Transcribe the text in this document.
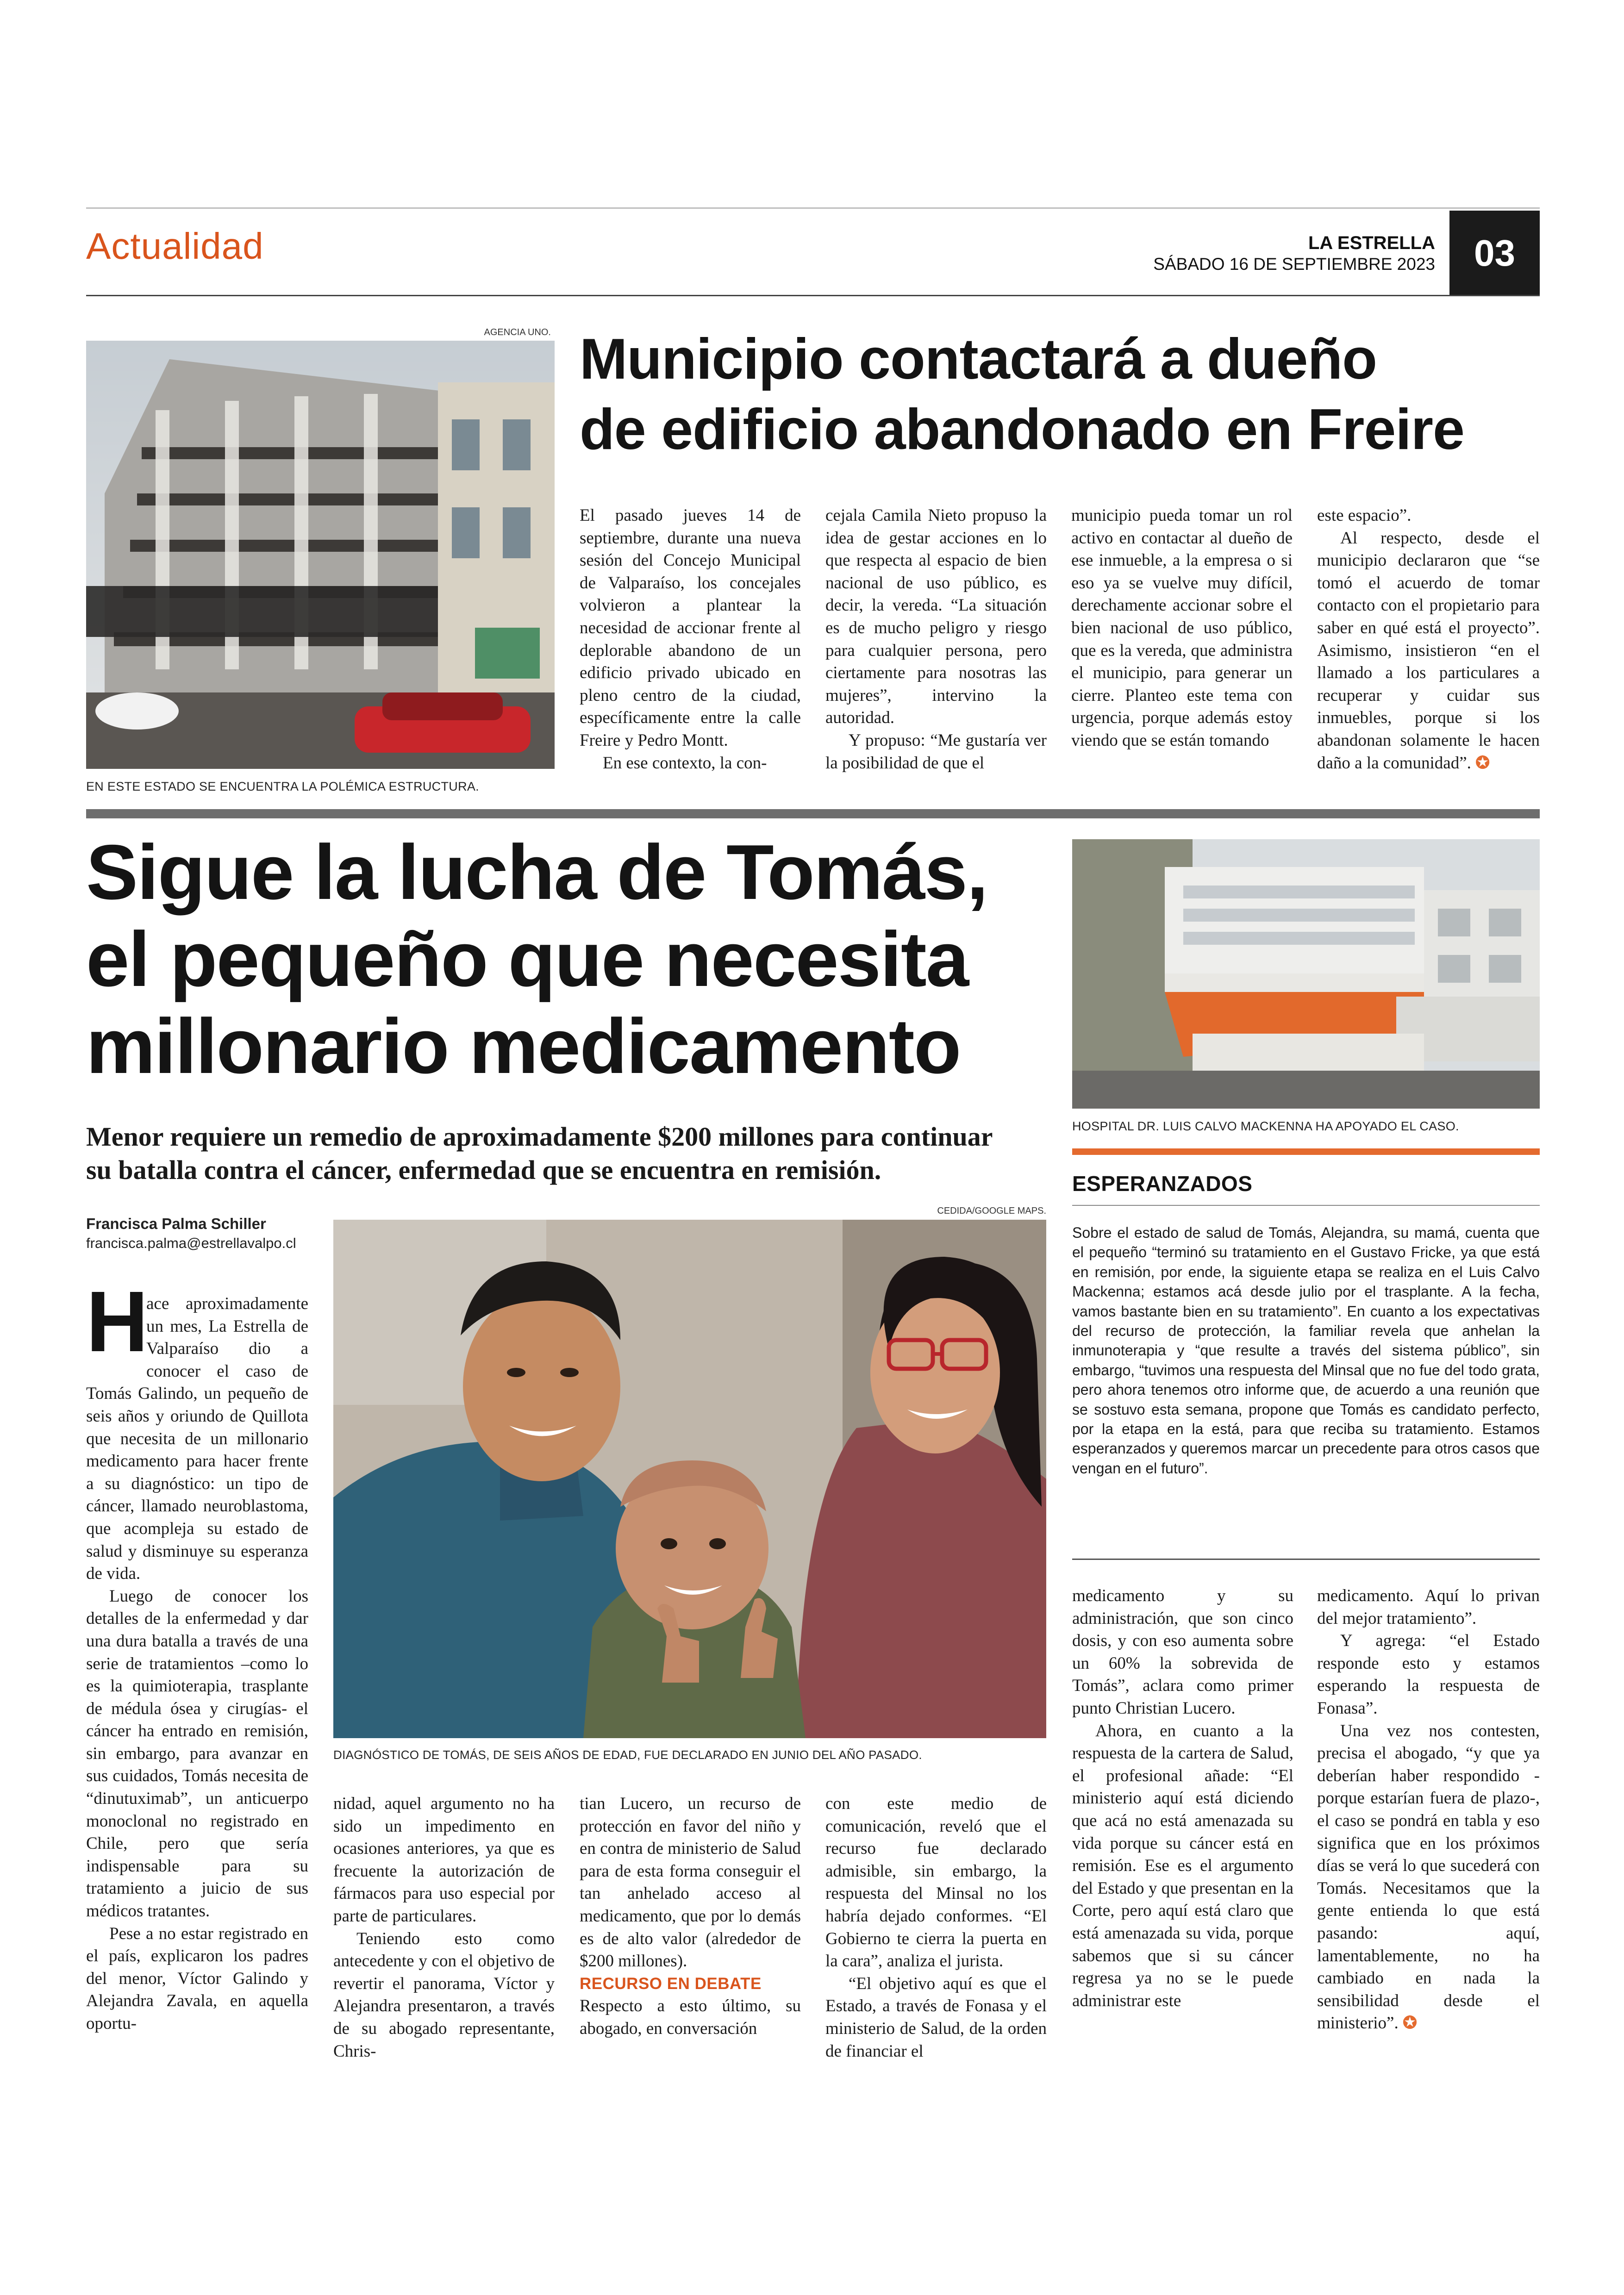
Actualidad	LA ESTRELLA
SÁBADO 16 DE SEPTIEMBRE 2023	03
AGENCIA UNO.
EN ESTE ESTADO SE ENCUENTRA LA POLÉMICA ESTRUCTURA.
Municipio contactará a dueño
de edificio abandonado en Freire

El pasado jueves 14 de septiembre, durante una nueva sesión del Concejo Municipal de Valparaíso, los concejales volvieron a plantear la necesidad de accionar frente al deplorable abandono de un edificio privado ubicado en pleno centro de la ciudad, específicamente entre la calle Freire y Pedro Montt.

En ese contexto, la con-

cejala Camila Nieto propuso la idea de gestar acciones en lo que respecta al espacio de bien nacional de uso público, es decir, la vereda. “La situación es de mucho peligro y riesgo para cualquier persona, pero ciertamente para nosotras las mujeres”, intervino la autoridad.

Y propuso: “Me gustaría ver la posibilidad de que el

municipio pueda tomar un rol activo en contactar al dueño de ese inmueble, a la empresa o si eso ya se vuelve muy difícil, derechamente accionar sobre el bien nacional de uso público, que es la vereda, que administra el municipio, para generar un cierre. Planteo este tema con urgencia, porque además estoy viendo que se están tomando

este espacio”.

Al respecto, desde el municipio declararon que “se tomó el acuerdo de tomar contacto con el propietario para saber en qué está el proyecto”. Asimismo, insistieron “en el llamado a los particulares a recuperar y cuidar sus inmuebles, porque si los abandonan solamente le hacen daño a la comunidad”. ✪

Sigue la lucha de Tomás,
el pequeño que necesita
millonario medicamento
Menor requiere un remedio de aproximadamente $200 millones para continuar
su batalla contra el cáncer, enfermedad que se encuentra en remisión.
Francisca Palma Schiller
francisca.palma@estrellavalpo.cl
CEDIDA/GOOGLE MAPS.
DIAGNÓSTICO DE TOMÁS, DE SEIS AÑOS DE EDAD, FUE DECLARADO EN JUNIO DEL AÑO PASADO.
HOSPITAL DR. LUIS CALVO MACKENNA HA APOYADO EL CASO.
ESPERANZADOS
Sobre el estado de salud de Tomás, Alejandra, su mamá, cuenta que el pequeño “terminó su tratamiento en el Gustavo Fricke, ya que está en remisión, por ende, la siguiente etapa se realiza en el Luis Calvo Mackenna; estamos acá desde julio por el trasplante. A la fecha, vamos bastante bien en su tratamiento”. En cuanto a los expectativas del recurso de protección, la familiar revela que anhelan la inmunoterapia y “que resulte a través del sistema público”, sin embargo, “tuvimos una respuesta del Minsal que no fue del todo grata, pero ahora tenemos otro informe que, de acuerdo a una reunión que se sostuvo esta semana, propone que Tomás es candidato perfecto, por la etapa en la está, para que reciba su tratamiento. Estamos esperanzados y queremos marcar un precedente para otros casos que vengan en el futuro”.
H

ace aproximadamente un mes, La Estrella de Valparaíso dio a conocer el caso de Tomás Galindo, un pequeño de seis años y oriundo de Quillota que necesita de un millonario medicamento para hacer frente a su diagnóstico: un tipo de cáncer, llamado neuroblastoma, que acompleja su estado de salud y disminuye su esperanza de vida.

Luego de conocer los detalles de la enfermedad y dar una dura batalla a través de una serie de tratamientos –como lo es la quimioterapia, trasplante de médula ósea y cirugías- el cáncer ha entrado en remisión, sin embargo, para avanzar en sus cuidados, Tomás necesita de “dinutuximab”, un anticuerpo monoclonal no registrado en Chile, pero que sería indispensable para su tratamiento a juicio de sus médicos tratantes.

Pese a no estar registrado en el país, explicaron los padres del menor, Víctor Galindo y Alejandra Zavala, en aquella oportu-

nidad, aquel argumento no ha sido un impedimento en ocasiones anteriores, ya que es frecuente la autorización de fármacos para uso especial por parte de particulares.

Teniendo esto como antecedente y con el objetivo de revertir el panorama, Víctor y Alejandra presentaron, a través de su abogado representante, Chris-

tian Lucero, un recurso de protección en favor del niño y en contra de ministerio de Salud para de esta forma conseguir el tan anhelado acceso al medicamento, que por lo demás es de alto valor (alrededor de $200 millones).

RECURSO EN DEBATE

Respecto a esto último, su abogado, en conversación

con este medio de comunicación, reveló que el recurso fue declarado admisible, sin embargo, la respuesta del Minsal no los habría dejado conformes. “El Gobierno te cierra la puerta en la cara”, analiza el jurista.

“El objetivo aquí es que el Estado, a través de Fonasa y el ministerio de Salud, de la orden de financiar el

medicamento y su administración, que son cinco dosis, y con eso aumenta sobre un 60% la sobrevida de Tomás”, aclara como primer punto Christian Lucero.

Ahora, en cuanto a la respuesta de la cartera de Salud, el profesional añade: “El ministerio aquí está diciendo que acá no está amenazada su vida porque su cáncer está en remisión. Ese es el argumento del Estado y que presentan en la Corte, pero aquí está claro que está amenazada su vida, porque sabemos que si su cáncer regresa ya no se le puede administrar este

medicamento. Aquí lo privan del mejor tratamiento”.

Y agrega: “el Estado responde esto y estamos esperando la respuesta de Fonasa”.

Una vez nos contesten, precisa el abogado, “y que ya deberían haber respondido -porque estarían fuera de plazo-, el caso se pondrá en tabla y eso significa que en los próximos días se verá lo que sucederá con Tomás. Necesitamos que la gente entienda lo que está pasando: aquí, lamentablemente, no ha cambiado en nada la sensibilidad desde el ministerio”. ✪
